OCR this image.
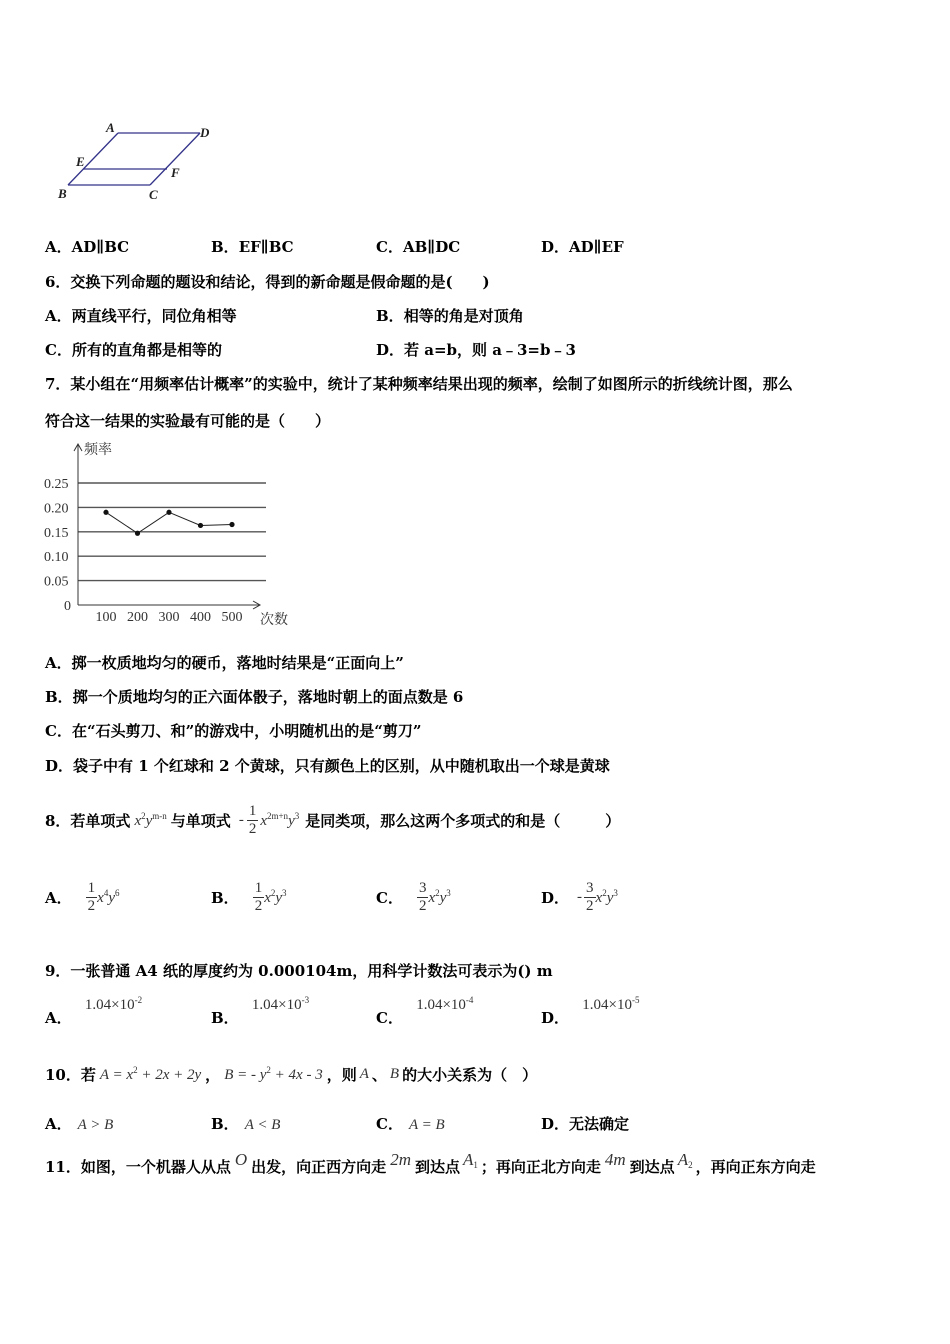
A	D
E
F
B	C
A．AD∥BC	B．EF∥BC	C．AB∥DC	D．AD∥EF
6．交换下列命题的题设和结论，得到的新命题是假命题的是(　　)
A．两直线平行，同位角相等	B．相等的角是对顶角
C．所有的直角都是相等的	D．若 a=b，则 a﹣3=b﹣3
7．某小组在“用频率估计概率”的实验中，统计了某种频率结果出现的频率，绘制了如图所示的折线统计图，那么
符合这一结果的实验最有可能的是（　　）
0
0.05
0.10
0.15
0.20
0.25
100 200 300 400 500
频率
次数
A．掷一枚质地均匀的硬币，落地时结果是“正面向上”
B．掷一个质地均匀的正六面体骰子，落地时朝上的面点数是 6
C．在“石头剪刀、和”的游戏中，小明随机出的是“剪刀”
D．袋子中有 1 个红球和 2 个黄球，只有颜色上的区别，从中随机取出一个球是黄球
8．若单项式 $x^2y^{m-n}$ 与单项式 - $\frac{1}{2} x^{2m+n}y^3$ 是同类项，那么这两个多项式的和是（　　　）
A． $\frac{1}{2} x^4y^6$	B． $\frac{1}{2} x^2y^3$	C． $\frac{3}{2} x^2y^3$	D． - $\frac{3}{2} x^2y^3$
9．一张普通 A4 纸的厚度约为 0.000104m，用科学计数法可表示为() m
A． $1.04\times 10^{-2}$
B． $1.04\times 10^{-3}$
C． $1.04\times 10^{-4}$
D． $1.04\times 10^{-5}$
10．若 $A = x^2 + 2x + 2y$ ， B = - $y^2 + 4x - 3$ ，则 A 、 B 的大小关系为（　）
A． A > B	B． A < B	C． A = B	D．无法确定
11．如图，一个机器人从点 O 出发，向正西方向走 2m 到达点 $A_1$ ；再向正北方向走 4m 到达点 $A_2$ ，再向正东方向走
